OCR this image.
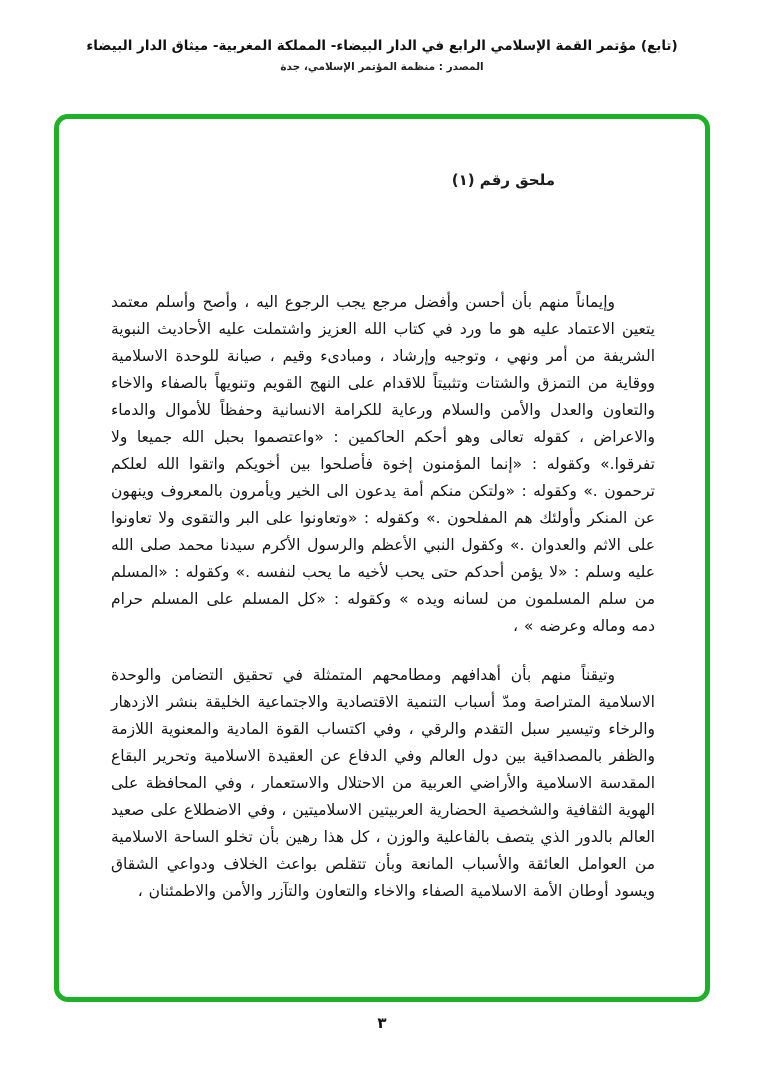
(تابع) مؤتمر القمة الإسلامي الرابع في الدار البيضاء- المملكة المغربية- ميثاق الدار البيضاء
المصدر : منظمة المؤتمر الإسلامي، جدة
ملحق رقم (١)

وإيماناً منهم بأن أحسن وأفضل مرجع يجب الرجوع اليه ، وأصح وأسلم معتمد يتعين الاعتماد عليه هو ما ورد في كتاب الله العزيز واشتملت عليه الأحاديث النبوية الشريفة من أمر ونهي ، وتوجيه وإرشاد ، ومبادىء وقيم ، صيانة للوحدة الاسلامية ووقاية من التمزق والشتات وتثبيتاً للاقدام على النهج القويم وتنويهاً بالصفاء والاخاء والتعاون والعدل والأمن والسلام ورعاية للكرامة الانسانية وحفظاً للأموال والدماء والاعراض ، كقوله تعالى وهو أحكم الحاكمين : «واعتصموا بحبل الله جميعا ولا تفرقوا.» وكقوله : «إنما المؤمنون إخوة فأصلحوا بين أخويكم واتقوا الله لعلكم ترحمون .» وكقوله : «ولتكن منكم أمة يدعون الى الخير ويأمرون بالمعروف وينهون عن المنكر وأولئك هم المفلحون .» وكقوله : «وتعاونوا على البر والتقوى ولا تعاونوا على الاثم والعدوان .» وكقول النبي الأعظم والرسول الأكرم سيدنا محمد صلى الله عليه وسلم : «لا يؤمن أحدكم حتى يحب لأخيه ما يحب لنفسه .» وكقوله : «المسلم من سلم المسلمون من لسانه ويده » وكقوله : «كل المسلم على المسلم حرام دمه وماله وعرضه » ،

وتيقناً منهم بأن أهدافهم ومطامحهم المتمثلة في تحقيق التضامن والوحدة الاسلامية المتراصة ومدّ أسباب التنمية الاقتصادية والاجتماعية الخليقة بنشر الازدهار والرخاء وتيسير سبل التقدم والرقي ، وفي اكتساب القوة المادية والمعنوية اللازمة والظفر بالمصداقية بين دول العالم وفي الدفاع عن العقيدة الاسلامية وتحرير البقاع المقدسة الاسلامية والأراضي العربية من الاحتلال والاستعمار ، وفي المحافظة على الهوية الثقافية والشخصية الحضارية العربيتين الاسلاميتين ، وفي الاضطلاع على صعيد العالم بالدور الذي يتصف بالفاعلية والوزن ، كل هذا رهين بأن تخلو الساحة الاسلامية من العوامل العائقة والأسباب المانعة وبأن تتقلص بواعث الخلاف ودواعي الشقاق ويسود أوطان الأمة الاسلامية الصفاء والاخاء والتعاون والتآزر والأمن والاطمئنان ،

٣
